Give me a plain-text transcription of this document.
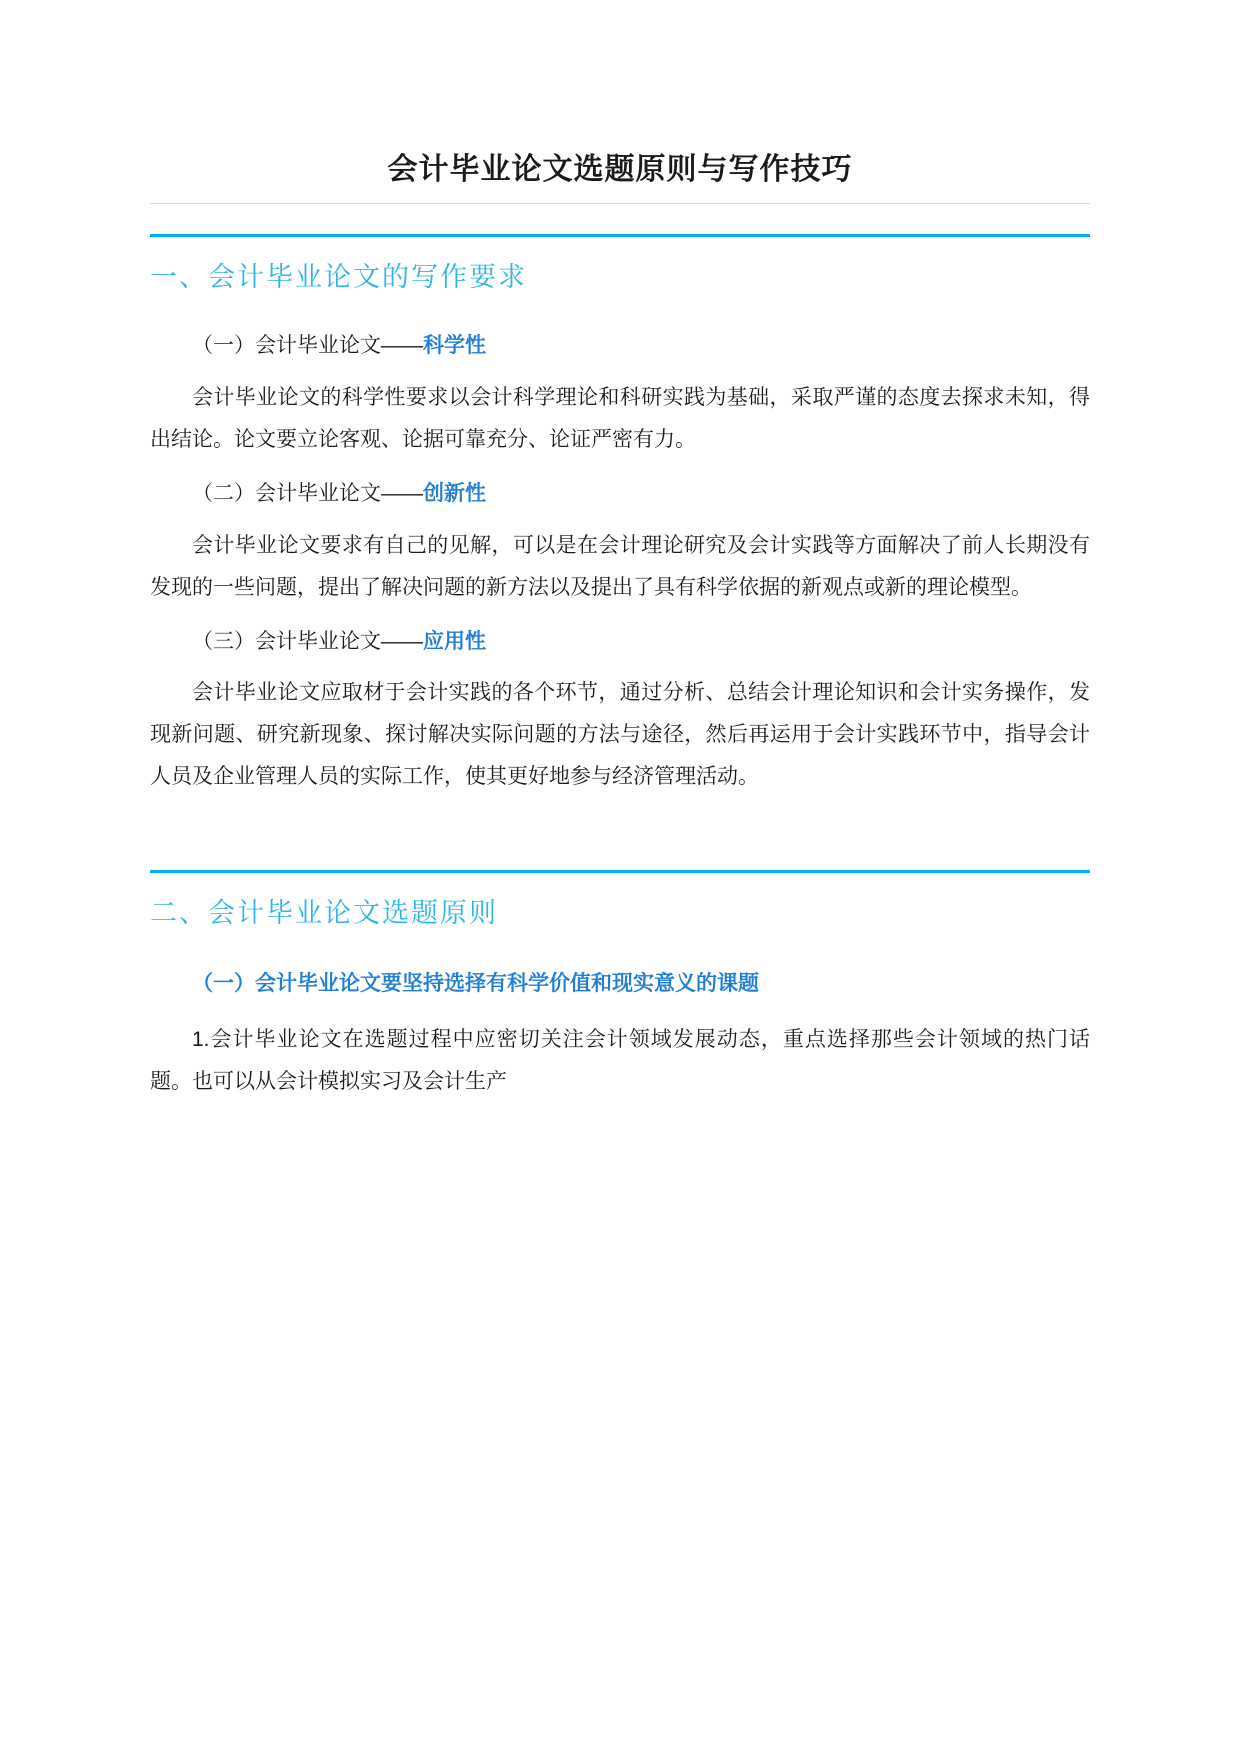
会计毕业论文选题原则与写作技巧
一、会计毕业论文的写作要求

（一）会计毕业论文——科学性

会计毕业论文的科学性要求以会计科学理论和科研实践为基础，采取严谨的态度去探求未知，得出结论。论文要立论客观、论据可靠充分、论证严密有力。

（二）会计毕业论文——创新性

会计毕业论文要求有自己的见解，可以是在会计理论研究及会计实践等方面解决了前人长期没有发现的一些问题，提出了解决问题的新方法以及提出了具有科学依据的新观点或新的理论模型。

（三）会计毕业论文——应用性

会计毕业论文应取材于会计实践的各个环节，通过分析、总结会计理论知识和会计实务操作，发现新问题、研究新现象、探讨解决实际问题的方法与途径，然后再运用于会计实践环节中，指导会计人员及企业管理人员的实际工作，使其更好地参与经济管理活动。

二、会计毕业论文选题原则

（一）会计毕业论文要坚持选择有科学价值和现实意义的课题

1.会计毕业论文在选题过程中应密切关注会计领域发展动态，重点选择那些会计领域的热门话题。也可以从会计模拟实习及会计生产
